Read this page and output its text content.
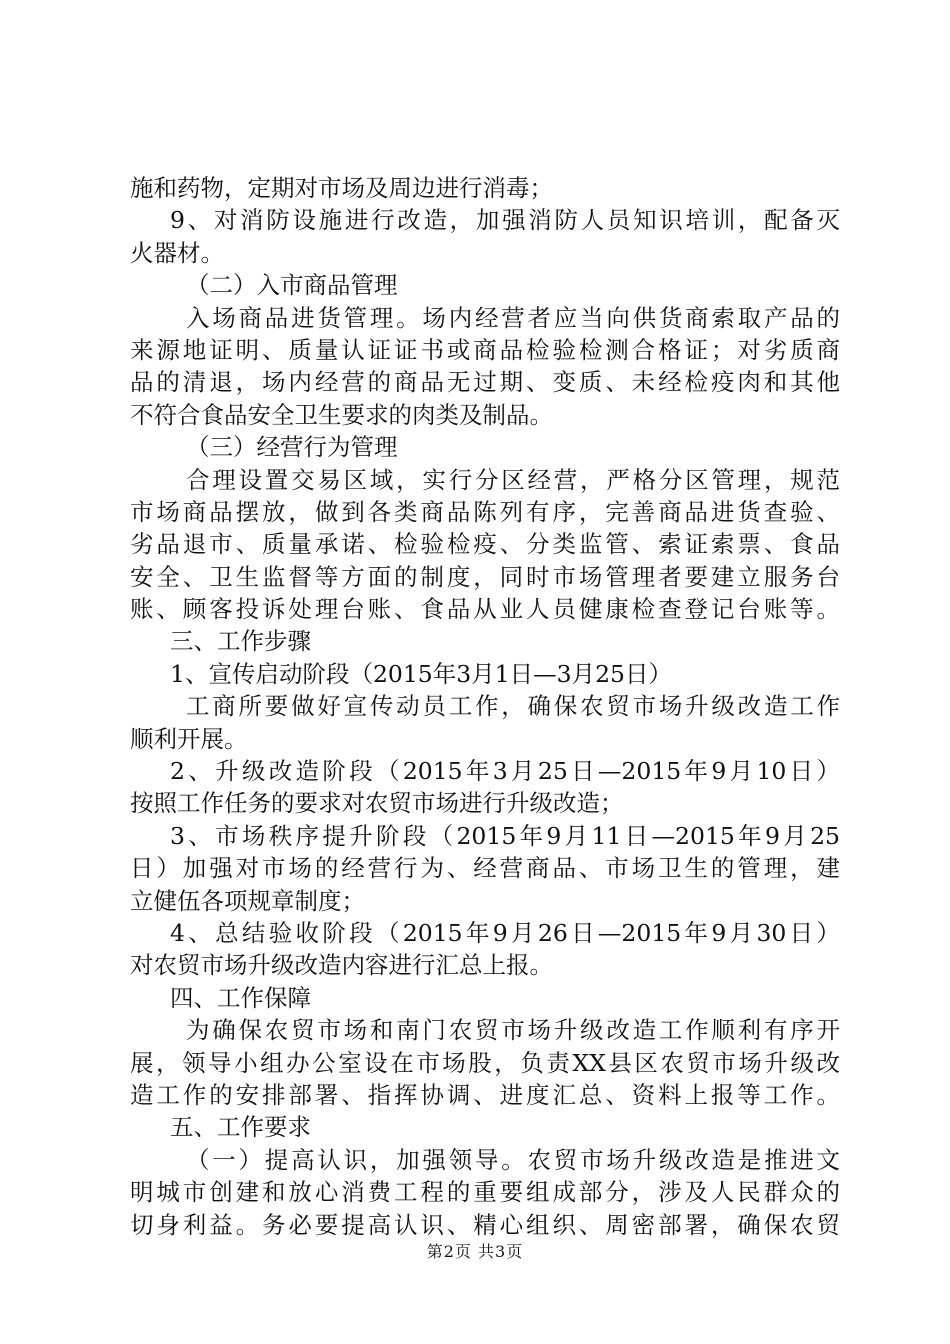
施和药物，定期对市场及周边进行消毒；
9、对消防设施进行改造，加强消防人员知识培训，配备灭
火器材。
（二）入市商品管理
入场商品进货管理。场内经营者应当向供货商索取产品的
来源地证明、质量认证证书或商品检验检测合格证；对劣质商
品的清退，场内经营的商品无过期、变质、未经检疫肉和其他
不符合食品安全卫生要求的肉类及制品。
（三）经营行为管理
合理设置交易区域，实行分区经营，严格分区管理，规范
市场商品摆放，做到各类商品陈列有序，完善商品进货查验、
劣品退市、质量承诺、检验检疫、分类监管、索证索票、食品
安全、卫生监督等方面的制度，同时市场管理者要建立服务台
账、顾客投诉处理台账、食品从业人员健康检查登记台账等。
三、工作步骤
1、宣传启动阶段（2015年3月1日—3月25日）
工商所要做好宣传动员工作，确保农贸市场升级改造工作
顺利开展。
2、升级改造阶段（2015年3月25日—2015年9月10日）
按照工作任务的要求对农贸市场进行升级改造；
3、市场秩序提升阶段（2015年9月11日—2015年9月25
日）加强对市场的经营行为、经营商品、市场卫生的管理，建
立健伍各项规章制度；
4、总结验收阶段（2015年9月26日—2015年9月30日）
对农贸市场升级改造内容进行汇总上报。
四、工作保障
为确保农贸市场和南门农贸市场升级改造工作顺利有序开
展，领导小组办公室设在市场股，负责XX县区农贸市场升级改
造工作的安排部署、指挥协调、进度汇总、资料上报等工作。
五、工作要求
（一）提高认识，加强领导。农贸市场升级改造是推进文
明城市创建和放心消费工程的重要组成部分，涉及人民群众的
切身利益。务必要提高认识、精心组织、周密部署，确保农贸
第2页 共3页
